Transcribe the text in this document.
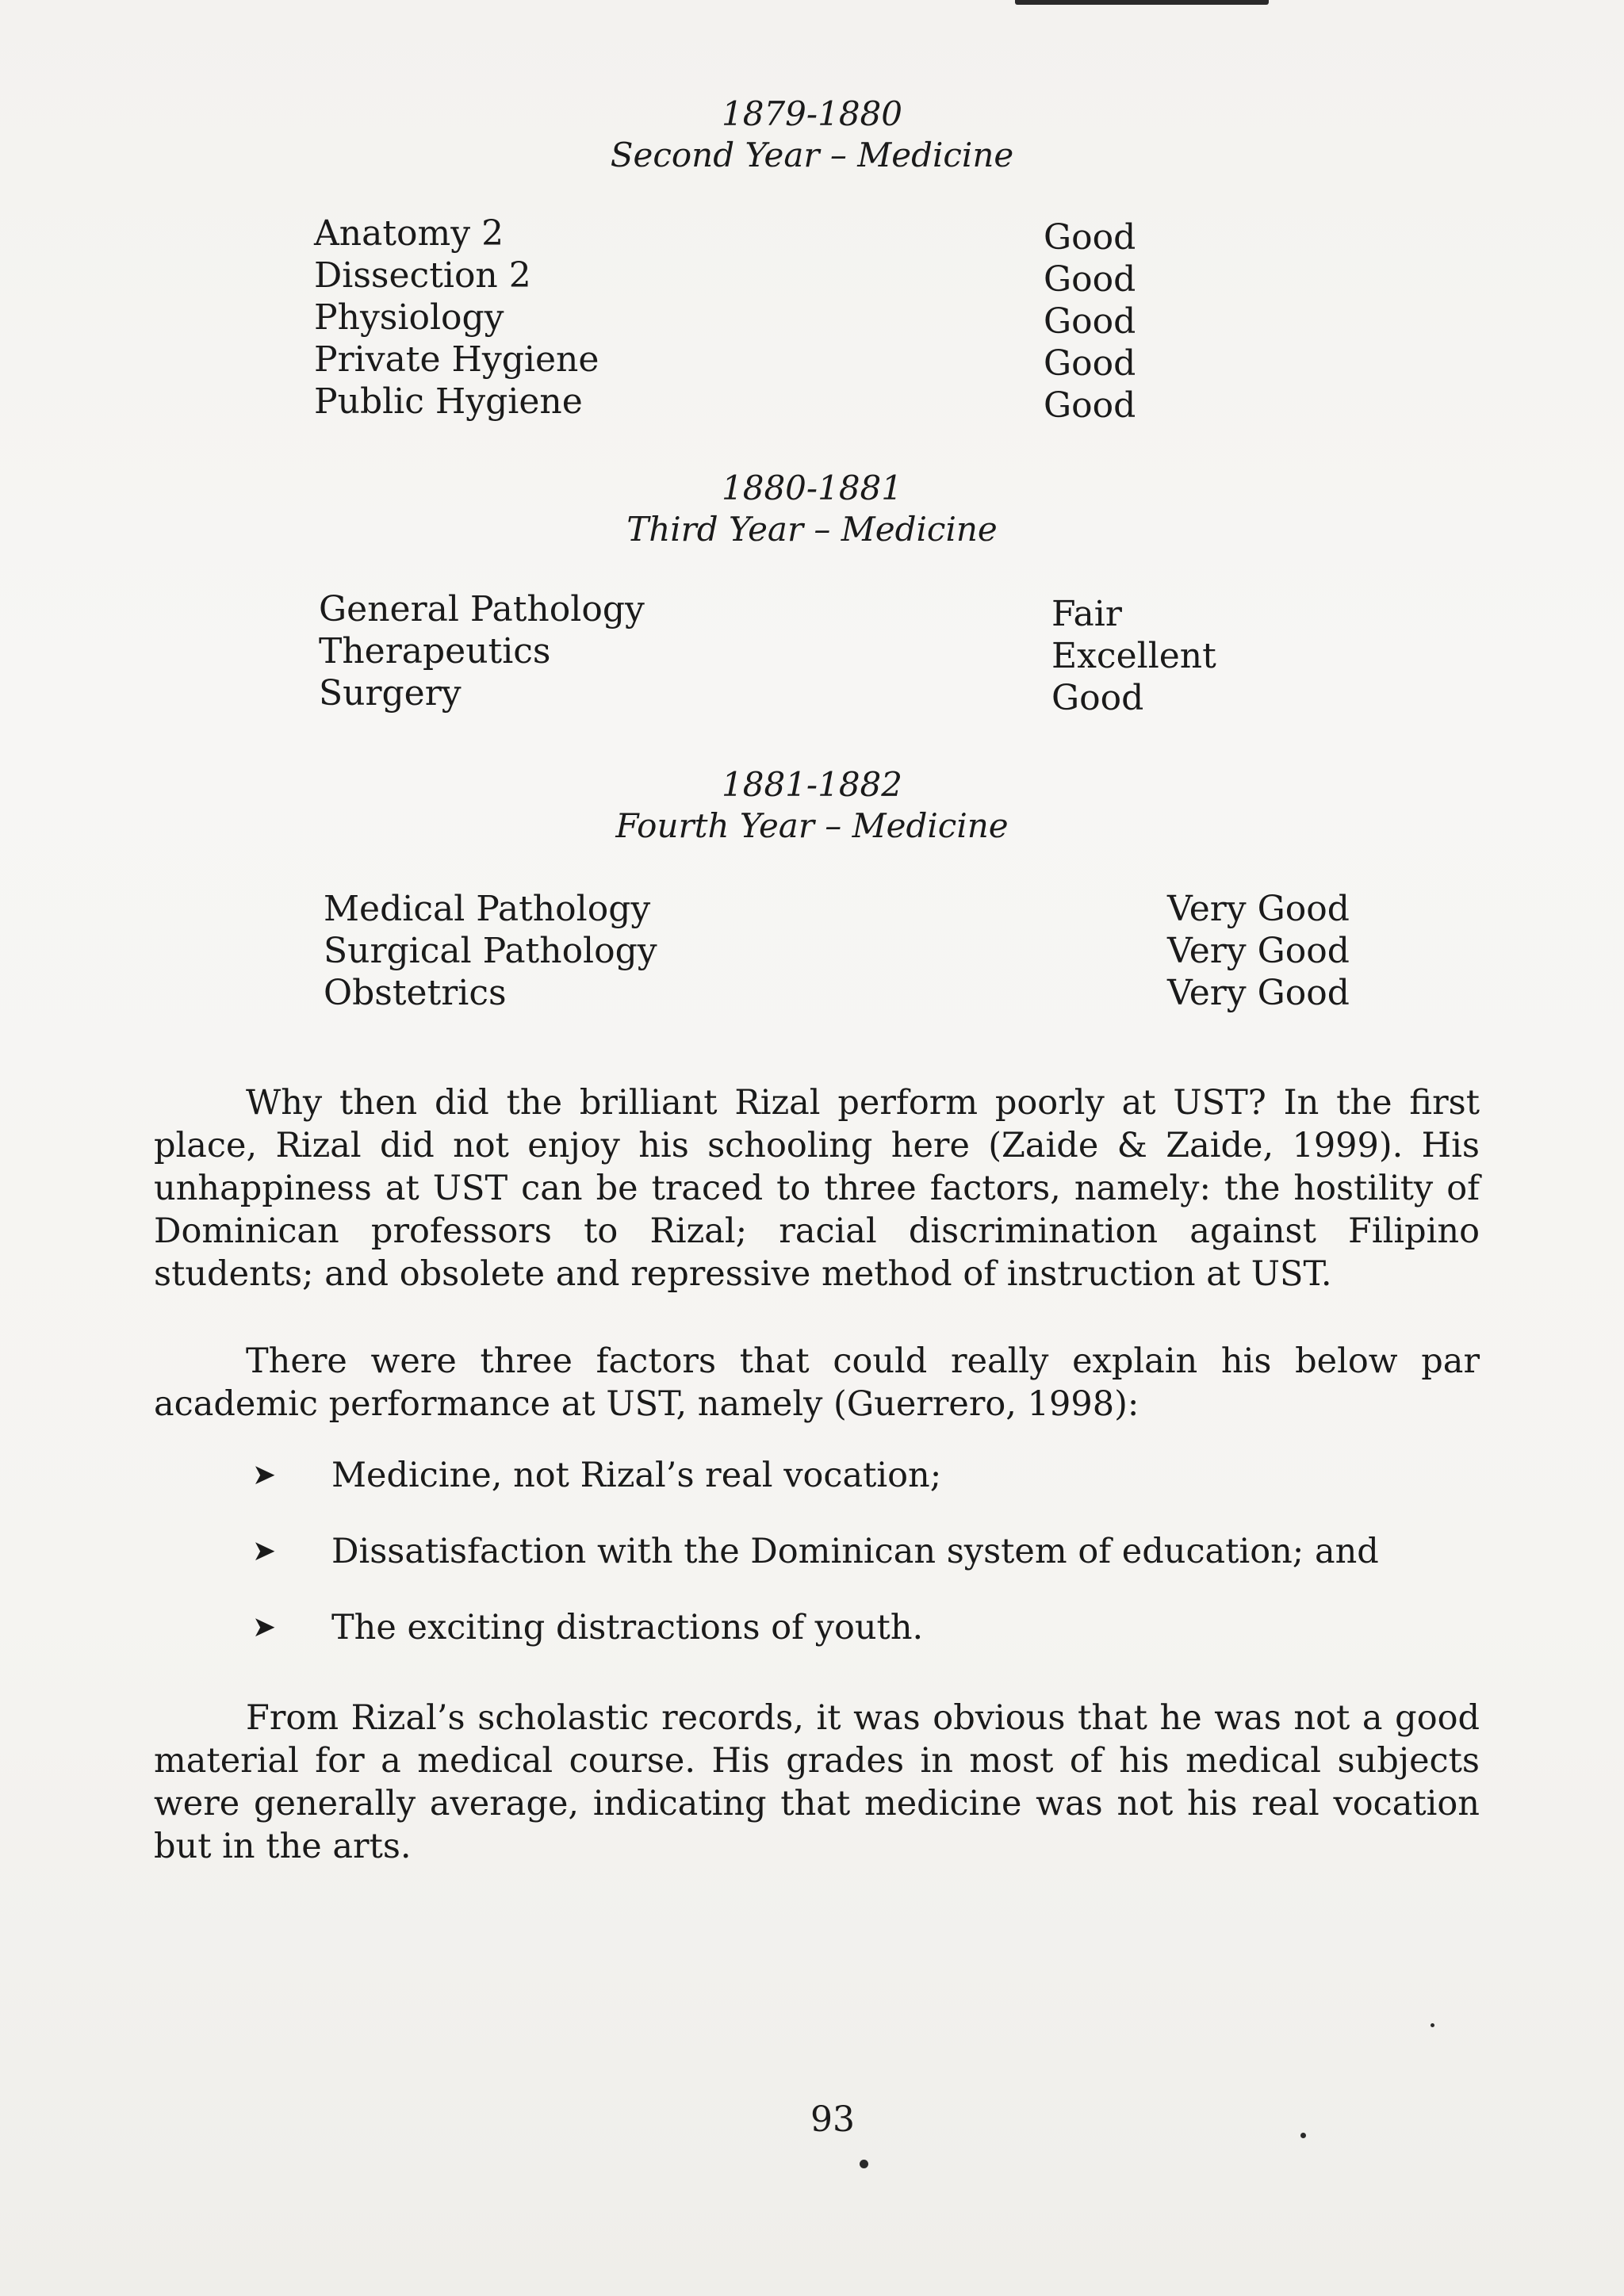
1879-1880
Second Year – Medicine
Anatomy 2
Dissection 2
Physiology
Private Hygiene
Public Hygiene
Good
Good
Good
Good
Good
1880-1881
Third Year – Medicine
General Pathology
Therapeutics
Surgery
Fair
Excellent
Good
1881-1882
Fourth Year – Medicine
Medical Pathology
Surgical Pathology
Obstetrics
Very Good
Very Good
Very Good
Why then did the brilliant Rizal perform poorly at UST? In the first place, Rizal did not enjoy his schooling here (Zaide & Zaide, 1999). His unhappiness at UST can be traced to three factors, namely: the hostility of Dominican professors to Rizal; racial discrimination against Filipino students; and obsolete and repressive method of instruction at UST.
There were three factors that could really explain his below par academic performance at UST, namely (Guerrero, 1998):
➤ Medicine, not Rizal’s real vocation;
➤ Dissatisfaction with the Dominican system of education; and
➤ The exciting distractions of youth.
From Rizal’s scholastic records, it was obvious that he was not a good material for a medical course. His grades in most of his medical subjects were generally average, indicating that medicine was not his real vocation but in the arts.
93
